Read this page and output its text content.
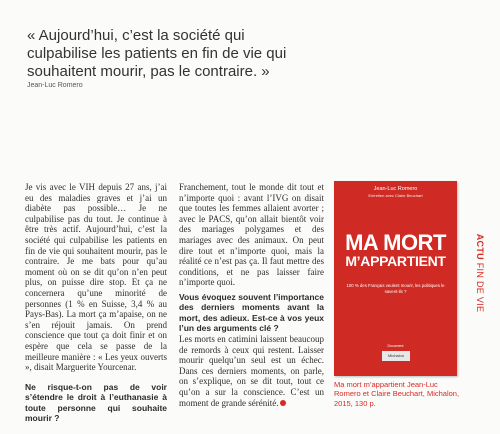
« Aujourd’hui, c’est la société qui
culpabilise les patients en fin de vie qui
souhaitent mourir, pas le contraire. »
Jean-Luc Romero

Je vis avec le VIH depuis 27 ans, j’ai eu des maladies graves et j’ai un diabète pas possible… Je ne culpabilise pas du tout. Je continue à être très actif. Aujourd’hui, c’est la société qui culpabilise les patients en fin de vie qui souhaitent mourir, pas le contraire. Je me bats pour qu’au moment où on se dit qu’on n’en peut plus, on puisse dire stop. Et ça ne concernera qu’une minorité de personnes (1 % en Suisse, 3,4 % au Pays-Bas). La mort ça m’apaise, on ne s’en réjouit jamais. On prend conscience que tout ça doit finir et on espère que cela se passe de la meilleure manière : « Les yeux ouverts », disait Marguerite Yourcenar.

Ne risque-t-on pas de voir s’étendre le droit à l’euthanasie à toute personne qui souhaite mourir ?

Franchement, tout le monde dit tout et n’importe quoi : avant l’IVG on disait que toutes les femmes allaient avorter ; avec le PACS, qu’on allait bientôt voir des mariages polygames et des mariages avec des animaux. On peut dire tout et n’importe quoi, mais la réalité ce n’est pas ça. Il faut mettre des conditions, et ne pas laisser faire n’importe quoi.

Vous évoquez souvent l’importance des derniers moments avant la mort, des adieux. Est-ce à vos yeux l’un des arguments clé ?

Les morts en catimini laissent beaucoup de remords à ceux qui restent. Laisser mourir quelqu’un seul est un échec. Dans ces derniers moments, on parle, on s’explique, on se dit tout, tout ce qu’on a sur la conscience. C’est un moment de grande sérénité.

Jean-Luc Romero
Entretien avec Claire Beuchart
MA MORT
M’APPARTIENT
100 % des Français veulent mourir, les politiques le savent-ils ?
Document
Michalon
Ma mort m’appartient Jean-Luc Romero et Claire Beuchart, Michalon, 2015, 130 p.
ACTU FIN DE VIE
